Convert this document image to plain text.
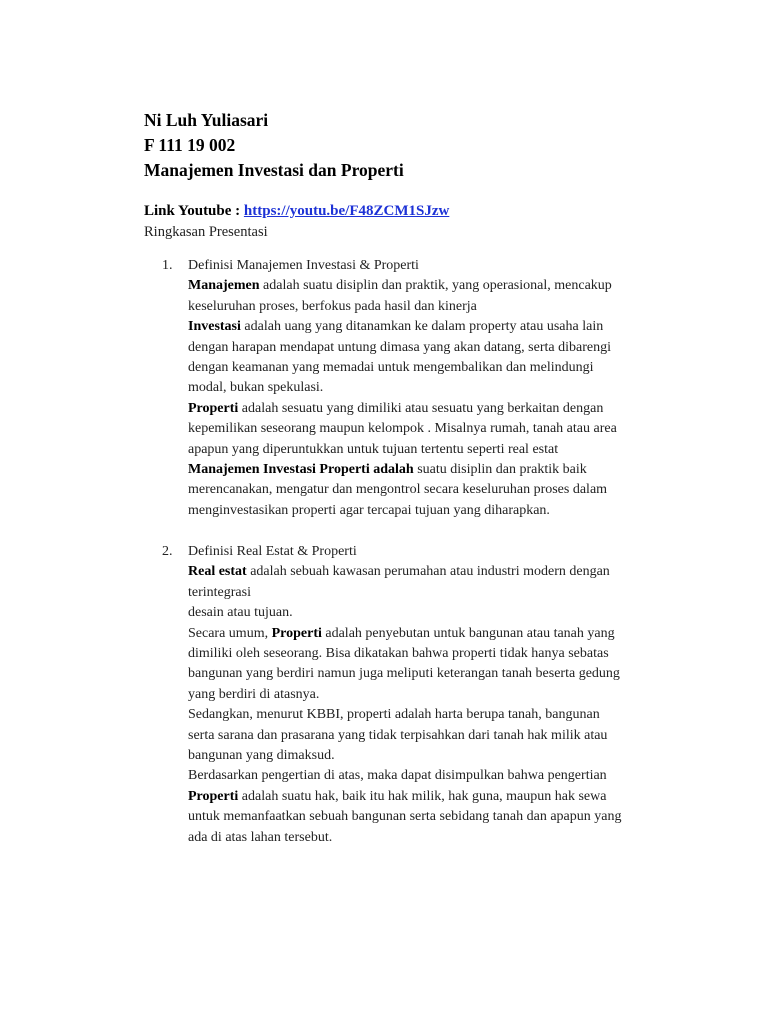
Ni Luh Yuliasari
F 111 19 002
Manajemen Investasi dan Properti
Link Youtube : https://youtu.be/F48ZCM1SJzw
Ringkasan Presentasi
1. Definisi Manajemen Investasi & Properti

Manajemen adalah suatu disiplin dan praktik, yang operasional, mencakup

keseluruhan proses, berfokus pada hasil dan kinerja

Investasi adalah uang yang ditanamkan ke dalam property atau usaha lain

dengan harapan mendapat untung dimasa yang akan datang, serta dibarengi

dengan keamanan yang memadai untuk mengembalikan dan melindungi

modal, bukan spekulasi.

Properti adalah sesuatu yang dimiliki atau sesuatu yang berkaitan dengan

kepemilikan seseorang maupun kelompok . Misalnya rumah, tanah atau area

apapun yang diperuntukkan untuk tujuan tertentu seperti real estat

Manajemen Investasi Properti adalah suatu disiplin dan praktik baik

merencanakan, mengatur dan mengontrol secara keseluruhan proses dalam

menginvestasikan properti agar tercapai tujuan yang diharapkan.

2. Definisi Real Estat & Properti

Real estat adalah sebuah kawasan perumahan atau industri modern dengan

terintegrasi

desain atau tujuan.

Secara umum, Properti adalah penyebutan untuk bangunan atau tanah yang

dimiliki oleh seseorang. Bisa dikatakan bahwa properti tidak hanya sebatas

bangunan yang berdiri namun juga meliputi keterangan tanah beserta gedung

yang berdiri di atasnya.

Sedangkan, menurut KBBI, properti adalah harta berupa tanah, bangunan

serta sarana dan prasarana yang tidak terpisahkan dari tanah hak milik atau

bangunan yang dimaksud.

Berdasarkan pengertian di atas, maka dapat disimpulkan bahwa pengertian

Properti adalah suatu hak, baik itu hak milik, hak guna, maupun hak sewa

untuk memanfaatkan sebuah bangunan serta sebidang tanah dan apapun yang

ada di atas lahan tersebut.
